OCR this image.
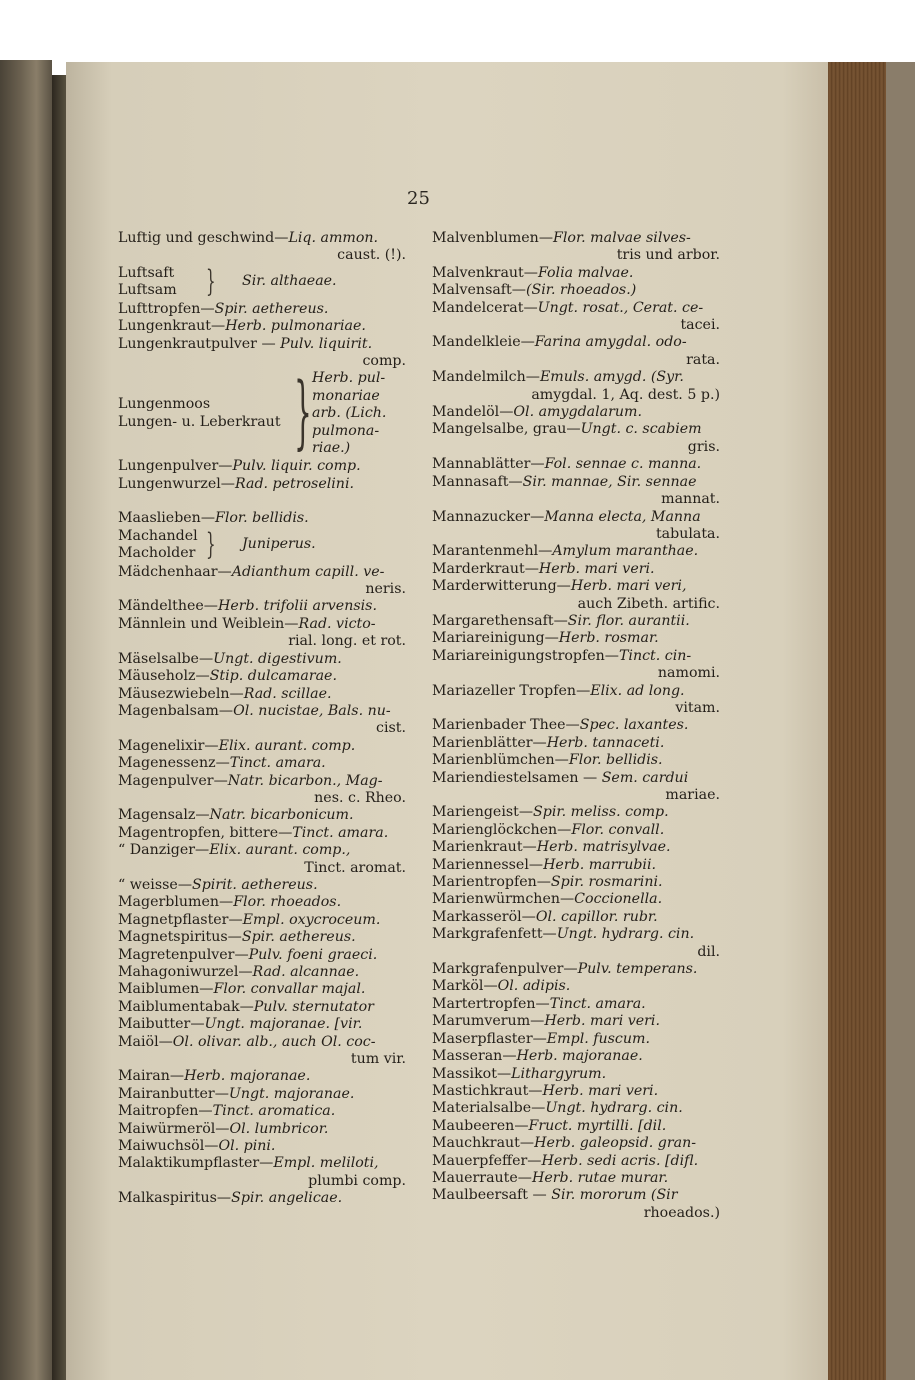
25
Luftig und geschwind—Liq. ammon.
caust. (!).
Luftsaft
Luftsam } Sir. althaeae.
Lufttropfen—Spir. aethereus.
Lungenkraut—Herb. pulmonariae.
Lungenkrautpulver — Pulv. liquirit.
comp.
Lungenmoos
Lungen- u. Leberkraut } Herb. pul-
monariae
arb. (Lich.
pulmona-
riae.)
Lungenpulver—Pulv. liquir. comp.
Lungenwurzel—Rad. petroselini.
Maaslieben—Flor. bellidis.
Machandel
Macholder } Juniperus.
Mädchenhaar—Adianthum capill. ve-
neris.
Mändelthee—Herb. trifolii arvensis.
Männlein und Weiblein—Rad. victo-
rial. long. et rot.
Mäselsalbe—Ungt. digestivum.
Mäuseholz—Stip. dulcamarae.
Mäusezwiebeln—Rad. scillae.
Magenbalsam—Ol. nucistae, Bals. nu-
cist.
Magenelixir—Elix. aurant. comp.
Magenessenz—Tinct. amara.
Magenpulver—Natr. bicarbon., Mag-
nes. c. Rheo.
Magensalz—Natr. bicarbonicum.
Magentropfen, bittere—Tinct. amara.
“ Danziger—Elix. aurant. comp.,
Tinct. aromat.
“ weisse—Spirit. aethereus.
Magerblumen—Flor. rhoeados.
Magnetpflaster—Empl. oxycroceum.
Magnetspiritus—Spir. aethereus.
Magretenpulver—Pulv. foeni graeci.
Mahagoniwurzel—Rad. alcannae.
Maiblumen—Flor. convallar majal.
Maiblumentabak—Pulv. sternutator
Maibutter—Ungt. majoranae. [vir.
Maiöl—Ol. olivar. alb., auch Ol. coc-
tum vir.
Mairan—Herb. majoranae.
Mairanbutter—Ungt. majoranae.
Maitropfen—Tinct. aromatica.
Maiwürmeröl—Ol. lumbricor.
Maiwuchsöl—Ol. pini.
Malaktikumpflaster—Empl. meliloti,
plumbi comp.
Malkaspiritus—Spir. angelicae.
Malvenblumen—Flor. malvae silves-
tris und arbor.
Malvenkraut—Folia malvae.
Malvensaft—(Sir. rhoeados.)
Mandelcerat—Ungt. rosat., Cerat. ce-
tacei.
Mandelkleie—Farina amygdal. odo-
rata.
Mandelmilch—Emuls. amygd. (Syr.
amygdal. 1, Aq. dest. 5 p.)
Mandelöl—Ol. amygdalarum.
Mangelsalbe, grau—Ungt. c. scabiem
gris.
Mannablätter—Fol. sennae c. manna.
Mannasaft—Sir. mannae, Sir. sennae
mannat.
Mannazucker—Manna electa, Manna
tabulata.
Marantenmehl—Amylum maranthae.
Marderkraut—Herb. mari veri.
Marderwitterung—Herb. mari veri,
auch Zibeth. artific.
Margarethensaft—Sir. flor. aurantii.
Mariareinigung—Herb. rosmar.
Mariareinigungstropfen—Tinct. cin-
namomi.
Mariazeller Tropfen—Elix. ad long.
vitam.
Marienbader Thee—Spec. laxantes.
Marienblätter—Herb. tannaceti.
Marienblümchen—Flor. bellidis.
Mariendiestelsamen — Sem. cardui
mariae.
Mariengeist—Spir. meliss. comp.
Marienglöckchen—Flor. convall.
Marienkraut—Herb. matrisylvae.
Mariennessel—Herb. marrubii.
Marientropfen—Spir. rosmarini.
Marienwürmchen—Coccionella.
Markasseröl—Ol. capillor. rubr.
Markgrafenfett—Ungt. hydrarg. cin.
dil.
Markgrafenpulver—Pulv. temperans.
Marköl—Ol. adipis.
Martertropfen—Tinct. amara.
Marumverum—Herb. mari veri.
Maserpflaster—Empl. fuscum.
Masseran—Herb. majoranae.
Massikot—Lithargyrum.
Mastichkraut—Herb. mari veri.
Materialsalbe—Ungt. hydrarg. cin.
Maubeeren—Fruct. myrtilli. [dil.
Mauchkraut—Herb. galeopsid. gran-
Mauerpfeffer—Herb. sedi acris. [difl.
Mauerraute—Herb. rutae murar.
Maulbeersaft — Sir. mororum (Sir
rhoeados.)
